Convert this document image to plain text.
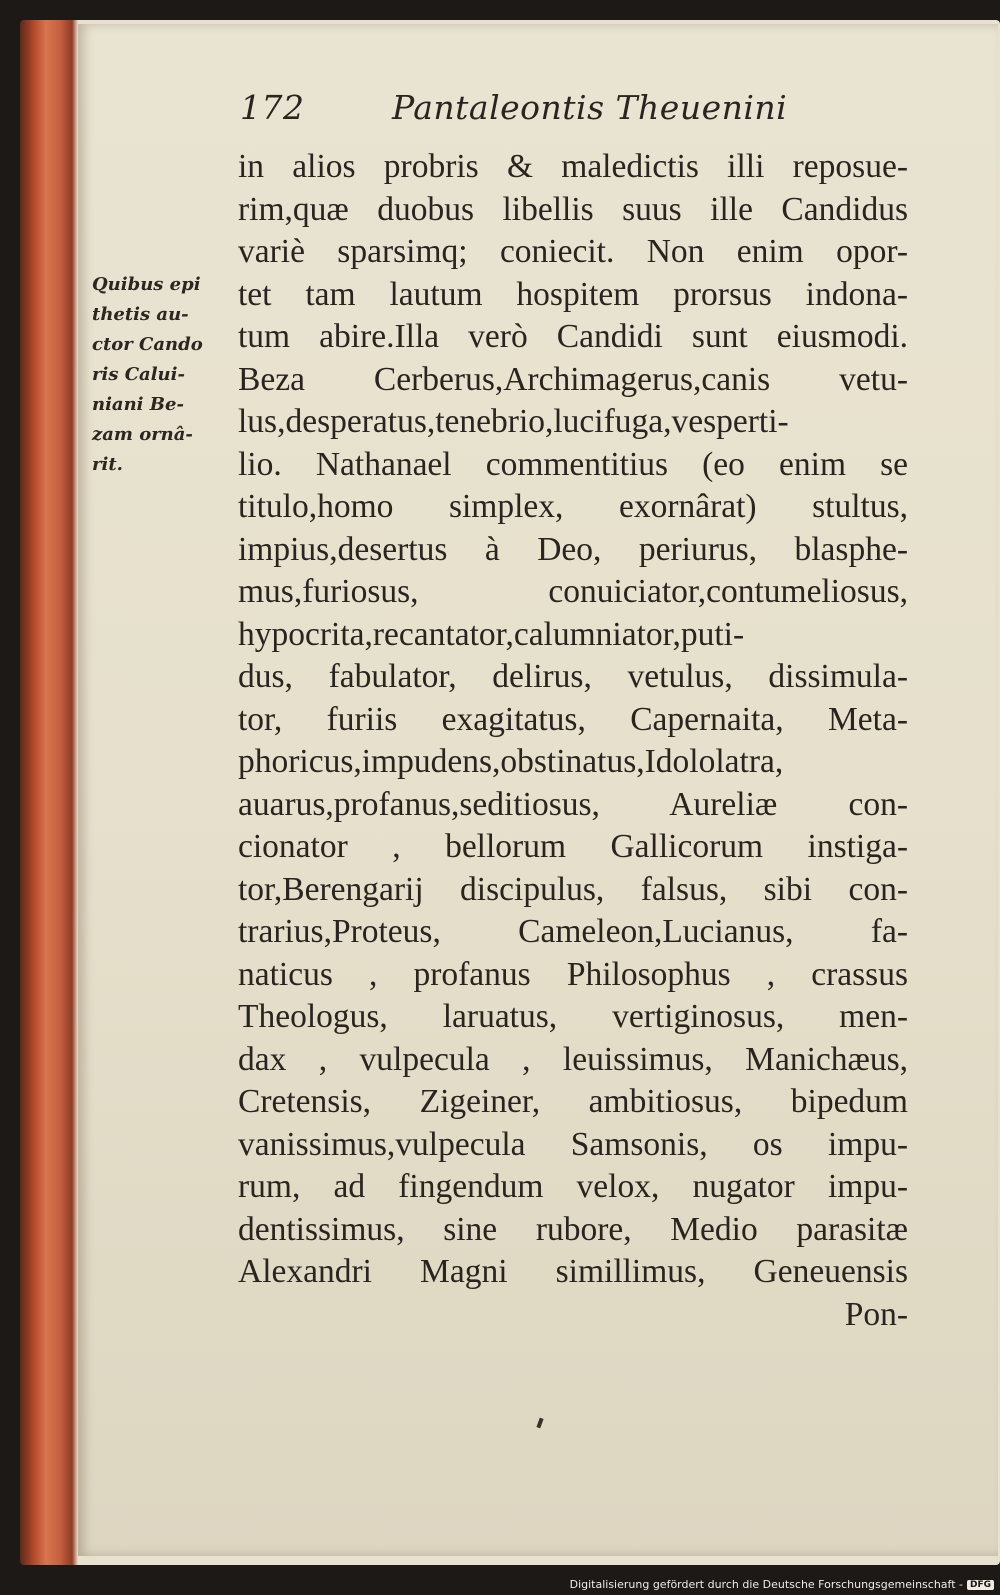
172	Pantaleontis Theuenini
Quibus epi
thetis au-
ctor Cando
ris Calui-
niani Be-
zam ornâ-
rit.
in alios probris & maledictis illi reposue-
rim,quæ duobus libellis suus ille Candidus
variè sparsimq; coniecit. Non enim opor-
tet tam lautum hospitem prorsus indona-
tum abire.Illa verò Candidi sunt eiusmodi.
Beza Cerberus,Archimagerus,canis vetu-
lus,desperatus,tenebrio,lucifuga,vesperti-
lio. Nathanael commentitius (eo enim se
titulo,homo simplex, exornârat) stultus,
impius,desertus à Deo, periurus, blasphe-
mus,furiosus, conuiciator,contumeliosus,
hypocrita,recantator,calumniator,puti-
dus, fabulator, delirus, vetulus, dissimula-
tor, furiis exagitatus, Capernaita, Meta-
phoricus,impudens,obstinatus,Idololatra,
auarus,profanus,seditiosus, Aureliæ con-
cionator , bellorum Gallicorum instiga-
tor,Berengarij discipulus, falsus, sibi con-
trarius,Proteus, Cameleon,Lucianus, fa-
naticus , profanus Philosophus , crassus
Theologus, laruatus, vertiginosus, men-
dax , vulpecula , leuissimus, Manichæus,
Cretensis, Zigeiner, ambitiosus, bipedum
vanissimus,vulpecula Samsonis, os impu-
rum, ad fingendum velox, nugator impu-
dentissimus, sine rubore, Medio parasitæ
Alexandri Magni simillimus, Geneuensis
Pon-
Digitalisierung gefördert durch die Deutsche Forschungsgemeinschaft - DFG
